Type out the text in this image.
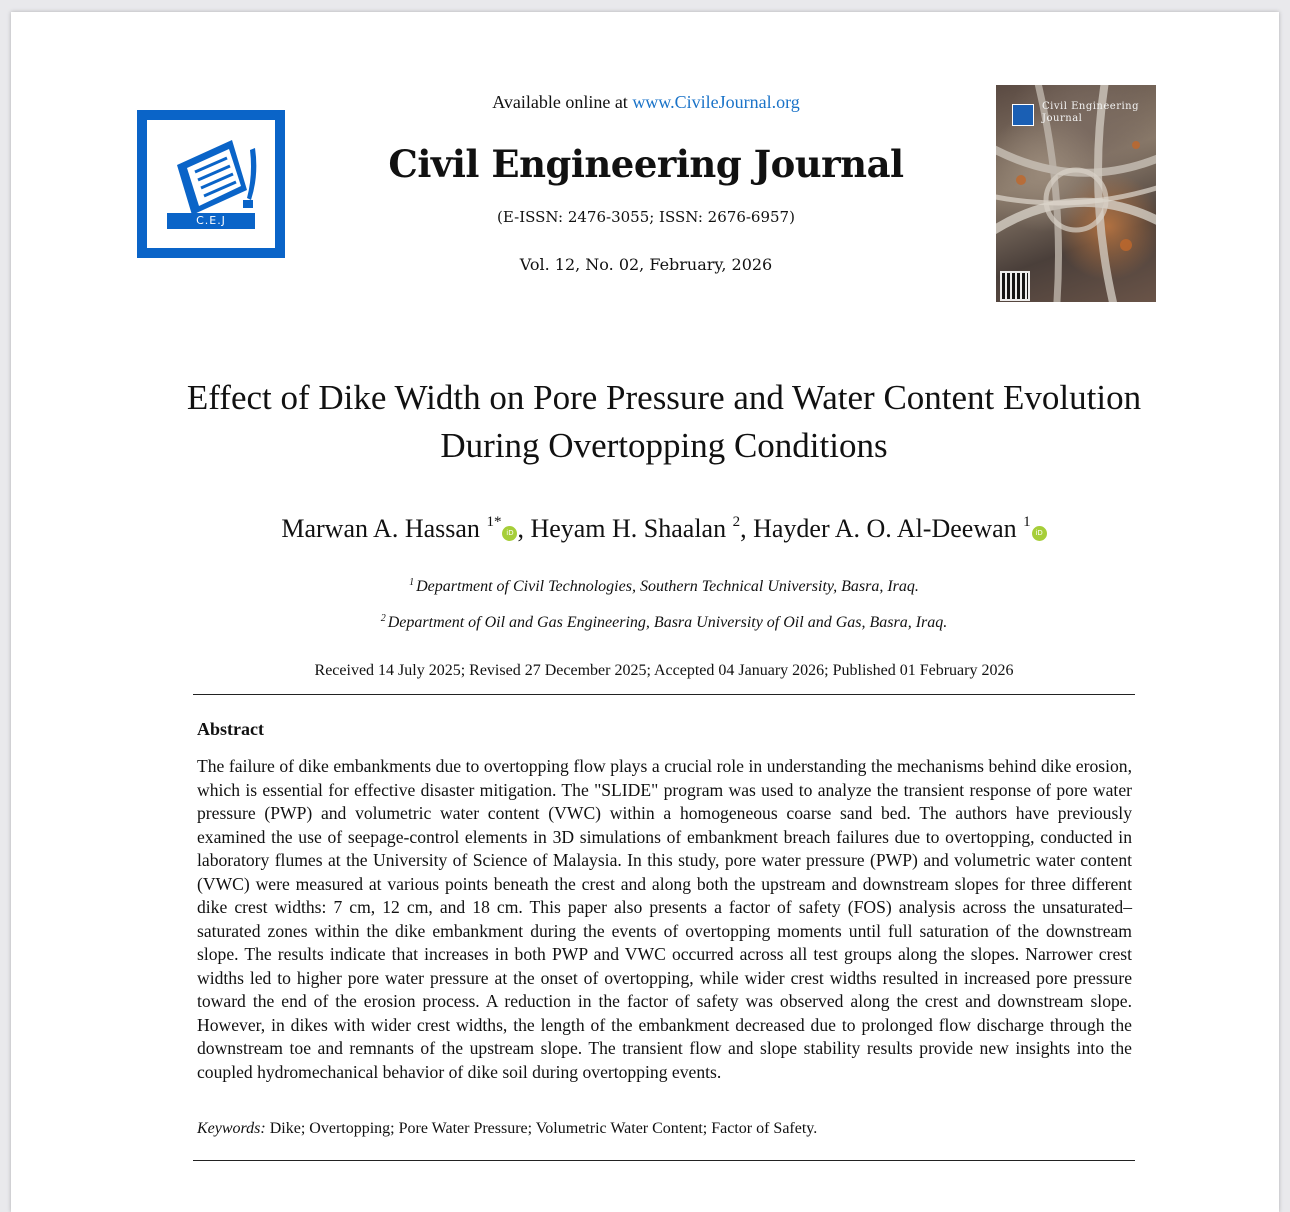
C.E.J
Available online at www.CivileJournal.org
Civil Engineering Journal
(E-ISSN: 2476-3055; ISSN: 2676-6957)
Vol. 12, No. 02, February, 2026
Civil Engineering
Journal
Effect of Dike Width on Pore Pressure and Water Content Evolution During Overtopping Conditions
Marwan A. Hassan $^{1*}$iD , Heyam H. Shaalan $^2$, Hayder A. O. Al-Deewan $^1$iD
$^1$ Department of Civil Technologies, Southern Technical University, Basra, Iraq.
$^2$ Department of Oil and Gas Engineering, Basra University of Oil and Gas, Basra, Iraq.
Received 14 July 2025; Revised 27 December 2025; Accepted 04 January 2026; Published 01 February 2026
Abstract
The failure of dike embankments due to overtopping flow plays a crucial role in understanding the mechanisms behind dike erosion, which is essential for effective disaster mitigation. The "SLIDE" program was used to analyze the transient response of pore water pressure (PWP) and volumetric water content (VWC) within a homogeneous coarse sand bed. The authors have previously examined the use of seepage-control elements in 3D simulations of embankment breach failures due to overtopping, conducted in laboratory flumes at the University of Science of Malaysia. In this study, pore water pressure (PWP) and volumetric water content (VWC) were measured at various points beneath the crest and along both the upstream and downstream slopes for three different dike crest widths: 7 cm, 12 cm, and 18 cm. This paper also presents a factor of safety (FOS) analysis across the unsaturated–saturated zones within the dike embankment during the events of overtopping moments until full saturation of the downstream slope. The results indicate that increases in both PWP and VWC occurred across all test groups along the slopes. Narrower crest widths led to higher pore water pressure at the onset of overtopping, while wider crest widths resulted in increased pore pressure toward the end of the erosion process. A reduction in the factor of safety was observed along the crest and downstream slope. However, in dikes with wider crest widths, the length of the embankment decreased due to prolonged flow discharge through the downstream toe and remnants of the upstream slope. The transient flow and slope stability results provide new insights into the coupled hydromechanical behavior of dike soil during overtopping events.
Keywords: Dike; Overtopping; Pore Water Pressure; Volumetric Water Content; Factor of Safety.
